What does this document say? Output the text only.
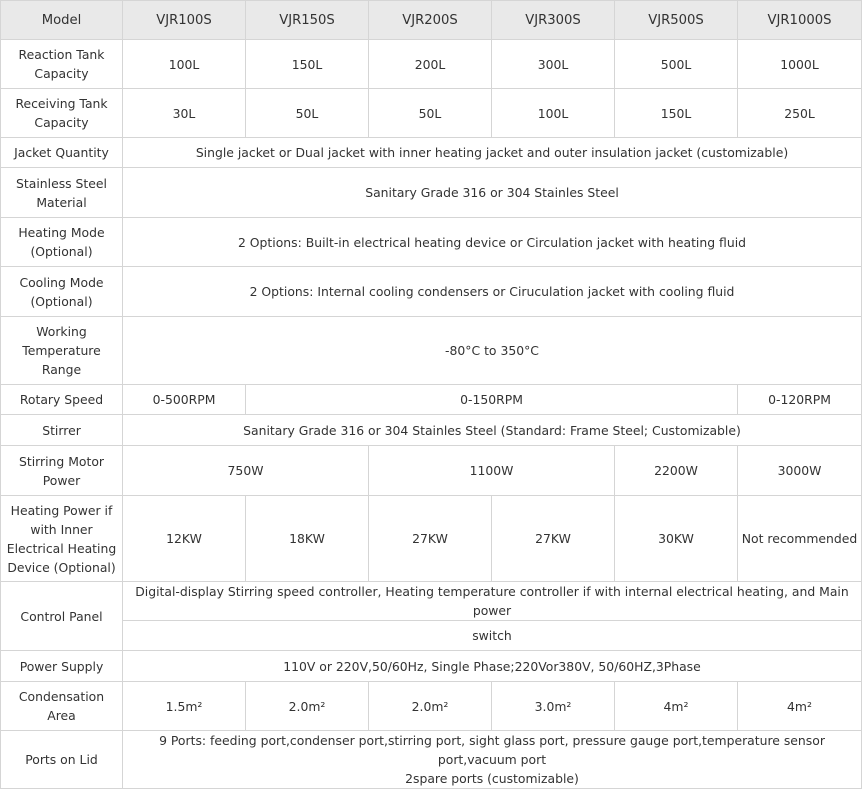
Model	VJR100S	VJR150S	VJR200S	VJR300S	VJR500S	VJR1000S
Reaction Tank Capacity	100L	150L	200L	300L	500L	1000L
Receiving Tank Capacity	30L	50L	50L	100L	150L	250L
Jacket Quantity	Single jacket or Dual jacket with inner heating jacket and outer insulation jacket (customizable)					
Stainless Steel Material	Sanitary Grade 316 or 304 Stainles Steel					
Heating Mode (Optional)	2 Options: Built-in electrical heating device or Circulation jacket with heating fluid					
Cooling Mode (Optional)	2 Options: Internal cooling condensers or Ciruculation jacket with cooling fluid					
Working Temperature Range	-80°C to 350°C					
Rotary Speed	0-500RPM	0-150RPM				0-120RPM
Stirrer	Sanitary Grade 316 or 304 Stainles Steel (Standard: Frame Steel; Customizable)					
Stirring Motor Power	750W		1100W		2200W	3000W
Heating Power if with Inner Electrical Heating Device (Optional)	12KW	18KW	27KW	27KW	30KW	Not recommended
Control Panel	Digital-display Stirring speed controller, Heating temperature controller if with internal electrical heating, and Main power					
	switch					
Power Supply	110V or 220V,50/60Hz, Single Phase;220Vor380V, 50/60HZ,3Phase					
Condensation Area	1.5m²	2.0m²	2.0m²	3.0m²	4m²	4m²
Ports on Lid	9 Ports: feeding port,condenser port,stirring port, sight glass port, pressure gauge port,temperature sensor port,vacuum port
2spare ports (customizable)					
